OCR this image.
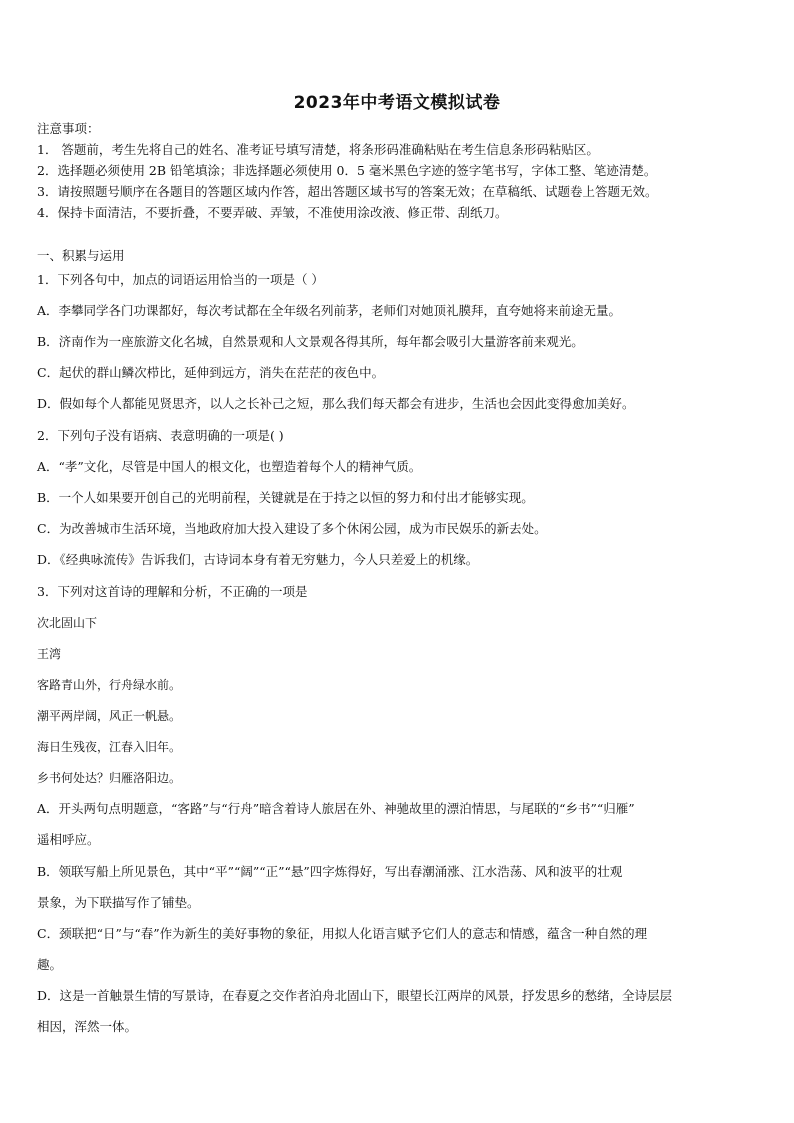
2023年中考语文模拟试卷
注意事项：
1． 答题前，考生先将自己的姓名、准考证号填写清楚，将条形码准确粘贴在考生信息条形码粘贴区。
2．选择题必须使用 2B 铅笔填涂；非选择题必须使用 0．5 毫米黑色字迹的签字笔书写，字体工整、笔迹清楚。
3．请按照题号顺序在各题目的答题区域内作答，超出答题区域书写的答案无效；在草稿纸、试题卷上答题无效。
4．保持卡面清洁，不要折叠，不要弄破、弄皱，不准使用涂改液、修正带、刮纸刀。
一、积累与运用
1．下列各句中，加点的词语运用恰当的一项是（ ）
A．李攀同学各门功课都好，每次考试都在全年级名列前茅，老师们对她顶礼膜拜，直夸她将来前途无量。
B．济南作为一座旅游文化名城，自然景观和人文景观各得其所，每年都会吸引大量游客前来观光。
C．起伏的群山鳞次栉比，延伸到远方，消失在茫茫的夜色中。
D．假如每个人都能见贤思齐，以人之长补己之短，那么我们每天都会有进步，生活也会因此变得愈加美好。
2．下列句子没有语病、表意明确的一项是( )
A．“孝”文化，尽管是中国人的根文化，也塑造着每个人的精神气质。
B．一个人如果要开创自己的光明前程，关键就是在于持之以恒的努力和付出才能够实现。
C．为改善城市生活环境，当地政府加大投入建设了多个休闲公园，成为市民娱乐的新去处。
D．《经典咏流传》告诉我们，古诗词本身有着无穷魅力，今人只差爱上的机缘。
3．下列对这首诗的理解和分析，不正确的一项是
次北固山下
王湾
客路青山外，行舟绿水前。
潮平两岸阔，风正一帆悬。
海日生残夜，江春入旧年。
乡书何处达？归雁洛阳边。
A．开头两句点明题意，“客路”与“行舟”暗含着诗人旅居在外、神驰故里的漂泊情思，与尾联的“乡书”“归雁”
遥相呼应。
B．领联写船上所见景色，其中“平”“阔”“正”“悬”四字炼得好，写出春潮涌涨、江水浩荡、风和波平的壮观
景象，为下联描写作了铺垫。
C．颈联把“日”与“春”作为新生的美好事物的象征，用拟人化语言赋予它们人的意志和情感，蕴含一种自然的理
趣。
D．这是一首触景生情的写景诗，在春夏之交作者泊舟北固山下，眼望长江两岸的风景，抒发思乡的愁绪，全诗层层
相因，浑然一体。
